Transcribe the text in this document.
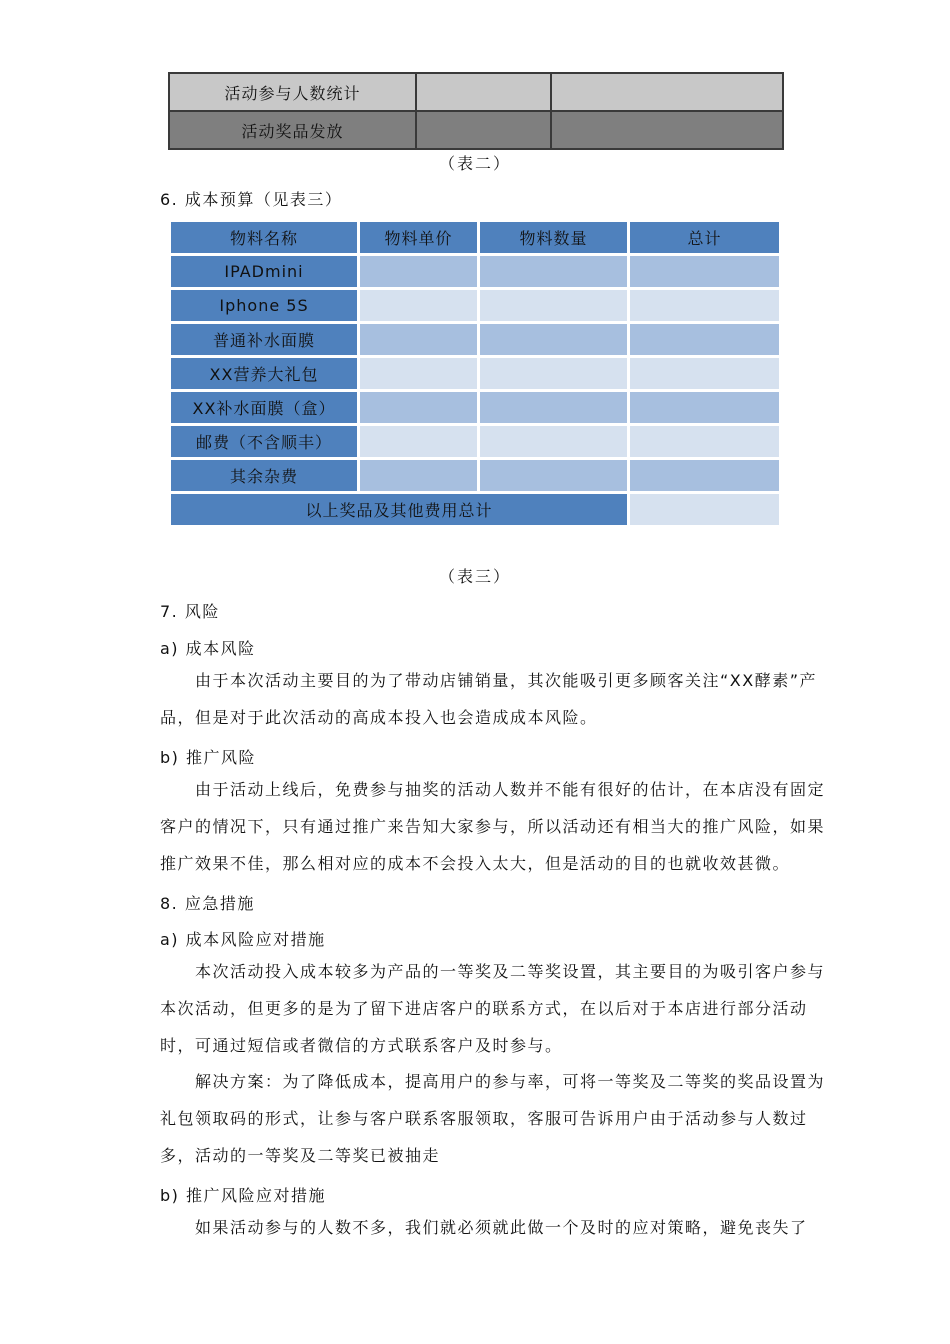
活动参与人数统计		
活动奖品发放		
（表二）
6. 成本预算（见表三）
物料名称	物料单价	物料数量	总计
IPADmini			
Iphone 5S			
普通补水面膜			
XX营养大礼包			
XX补水面膜（盒）			
邮费（不含顺丰）			
其余杂费			
以上奖品及其他费用总计			
（表三）
7. 风险
a) 成本风险
　　由于本次活动主要目的为了带动店铺销量，其次能吸引更多顾客关注“XX酵素”产品，但是对于此次活动的高成本投入也会造成成本风险。
b) 推广风险
　　由于活动上线后，免费参与抽奖的活动人数并不能有很好的估计，在本店没有固定客户的情况下，只有通过推广来告知大家参与，所以活动还有相当大的推广风险，如果推广效果不佳，那么相对应的成本不会投入太大，但是活动的目的也就收效甚微。
8. 应急措施
a) 成本风险应对措施
　　本次活动投入成本较多为产品的一等奖及二等奖设置，其主要目的为吸引客户参与本次活动，但更多的是为了留下进店客户的联系方式，在以后对于本店进行部分活动时，可通过短信或者微信的方式联系客户及时参与。
　　解决方案：为了降低成本，提高用户的参与率，可将一等奖及二等奖的奖品设置为礼包领取码的形式，让参与客户联系客服领取，客服可告诉用户由于活动参与人数过多，活动的一等奖及二等奖已被抽走
b) 推广风险应对措施
　　如果活动参与的人数不多，我们就必须就此做一个及时的应对策略，避免丧失了
